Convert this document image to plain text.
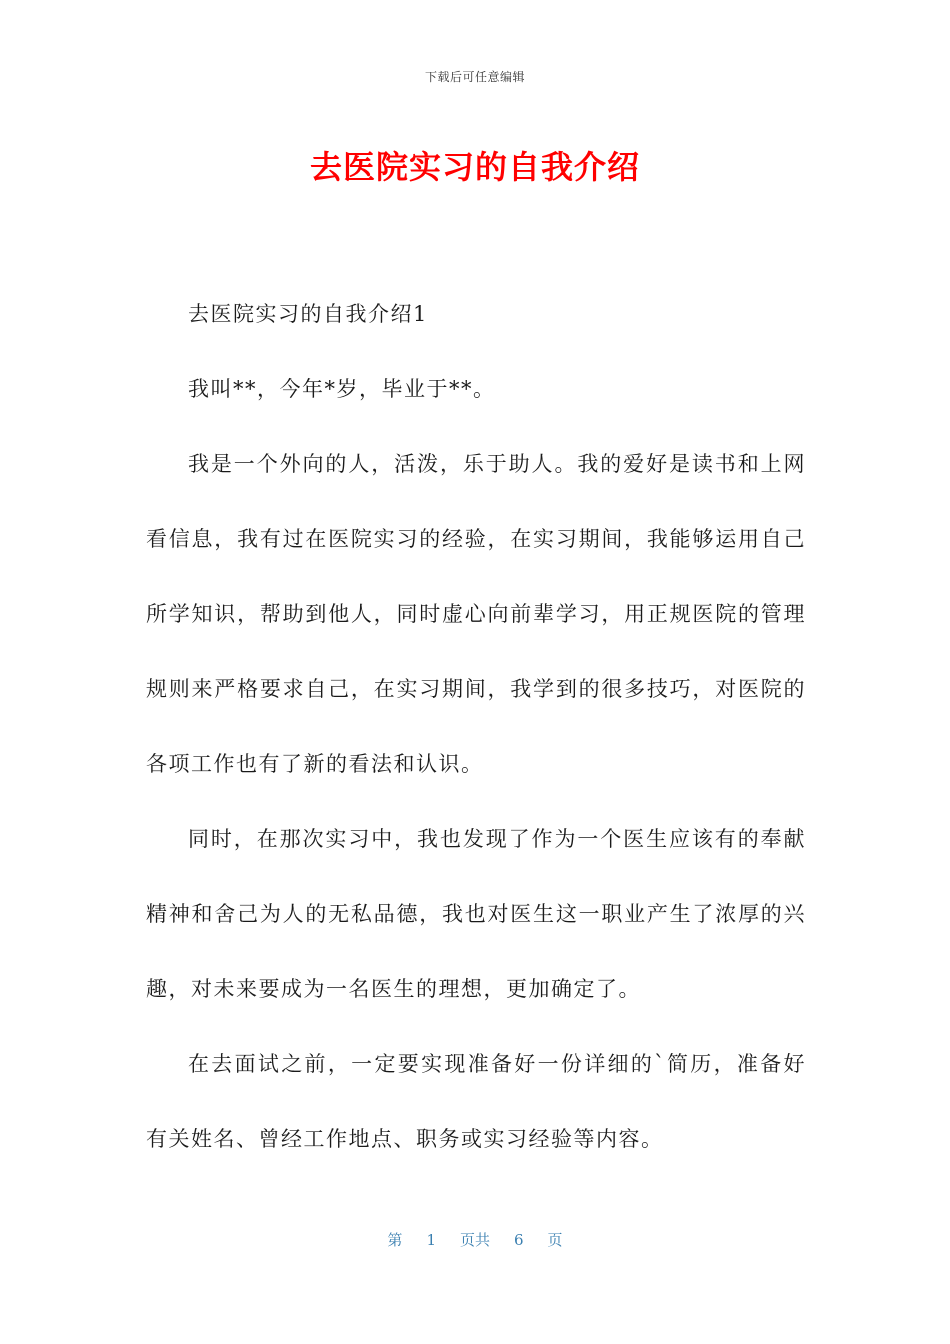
下载后可任意编辑
去医院实习的自我介绍

去医院实习的自我介绍1

我叫**，今年*岁，毕业于**。

我是一个外向的人，活泼，乐于助人。我的爱好是读书和上网看信息，我有过在医院实习的经验，在实习期间，我能够运用自己所学知识，帮助到他人，同时虚心向前辈学习，用正规医院的管理规则来严格要求自己，在实习期间，我学到的很多技巧，对医院的各项工作也有了新的看法和认识。

同时，在那次实习中，我也发现了作为一个医生应该有的奉献精神和舍己为人的无私品德，我也对医生这一职业产生了浓厚的兴趣，对未来要成为一名医生的理想，更加确定了。

在去面试之前，一定要实现准备好一份详细的`简历，准备好有关姓名、曾经工作地点、职务或实习经验等内容。

第 1 页共 6 页
